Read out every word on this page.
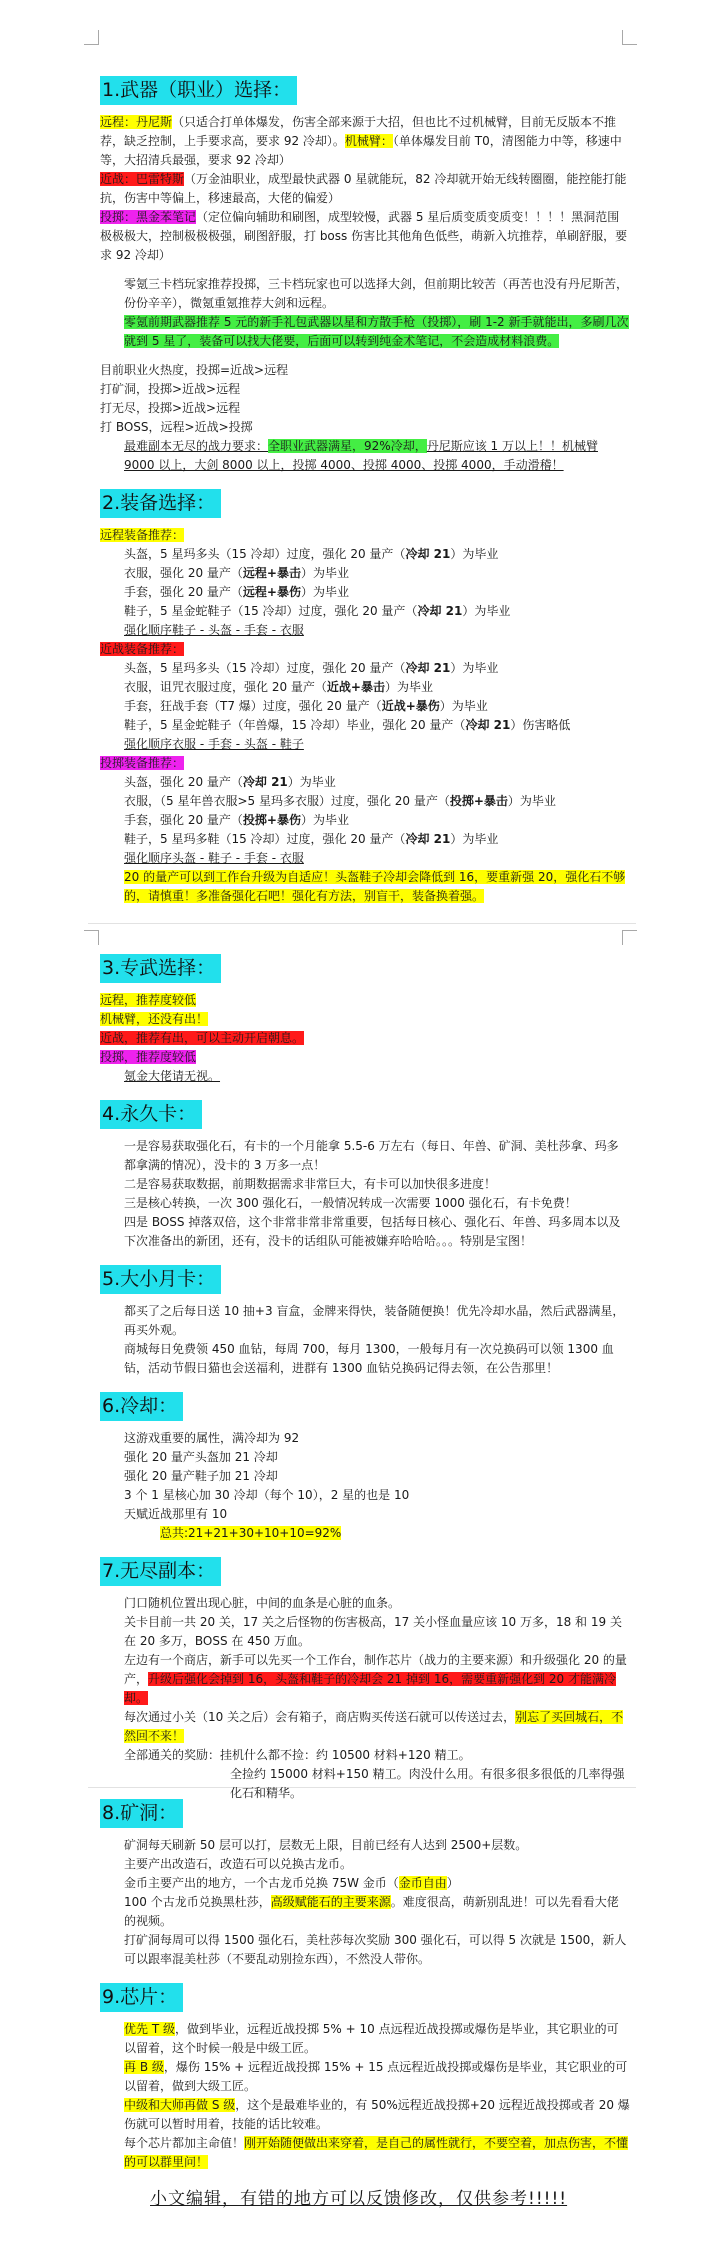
1.武器（职业）选择：

远程：丹尼斯（只适合打单体爆发，伤害全部来源于大招，但也比不过机械臂，目前无反版本不推荐，缺乏控制，上手要求高，要求 92 冷却）。机械臂：（单体爆发目前 T0，清图能力中等，移速中等，大招清兵最强，要求 92 冷却）

近战：巴雷特斯（万金油职业，成型最快武器 0 星就能玩，82 冷却就开始无线转圈圈，能控能打能抗，伤害中等偏上，移速最高，大佬的偏爱）

投掷：黑金苯笔记（定位偏向辅助和刷图，成型较慢，武器 5 星后质变质变质变！！！！黑洞范围极极极大，控制极极极强，刷图舒服，打 boss 伤害比其他角色低些，萌新入坑推荐，单刷舒服，要求 92 冷却）

零氪三卡档玩家推荐投掷，三卡档玩家也可以选择大剑，但前期比较苦（再苦也没有丹尼斯苦，份份辛辛），微氪重氪推荐大剑和远程。

零氪前期武器推荐 5 元的新手礼包武器以星和方散手枪（投掷），刷 1-2 新手就能出，多刷几次就到 5 星了，装备可以找大佬要，后面可以转到纯金术笔记，不会造成材料浪费。

目前职业火热度，投掷=近战>远程

打矿洞，投掷>近战>远程

打无尽，投掷>近战>远程

打 BOSS，远程>近战>投掷

最难副本无尽的战力要求：全职业武器满星，92%冷却，丹尼斯应该 1 万以上！！机械臂 9000 以上，大剑 8000 以上，投掷 4000、投掷 4000、投掷 4000，手动滑稽！

2.装备选择：

远程装备推荐：

头盔，5 星玛多头（15 冷却）过度，强化 20 量产（冷却 21）为毕业

衣服，强化 20 量产（远程+暴击）为毕业

手套，强化 20 量产（远程+暴伤）为毕业

鞋子，5 星金蛇鞋子（15 冷却）过度，强化 20 量产（冷却 21）为毕业

强化顺序鞋子 - 头盔 - 手套 - 衣服

近战装备推荐：

头盔，5 星玛多头（15 冷却）过度，强化 20 量产（冷却 21）为毕业

衣服，诅咒衣服过度，强化 20 量产（近战+暴击）为毕业

手套，狂战手套（T7 爆）过度，强化 20 量产（近战+暴伤）为毕业

鞋子，5 星金蛇鞋子（年兽爆，15 冷却）毕业，强化 20 量产（冷却 21）伤害略低

强化顺序衣服 - 手套 - 头盔 - 鞋子

投掷装备推荐：

头盔，强化 20 量产（冷却 21）为毕业

衣服，（5 星年兽衣服>5 星玛多衣服）过度，强化 20 量产（投掷+暴击）为毕业

手套，强化 20 量产（投掷+暴伤）为毕业

鞋子，5 星玛多鞋（15 冷却）过度，强化 20 量产（冷却 21）为毕业

强化顺序头盔 - 鞋子 - 手套 - 衣服

20 的量产可以到工作台升级为自适应！头盔鞋子冷却会降低到 16，要重新强 20，强化石不够的，请慎重！多准备强化石吧！强化有方法，别盲干，装备换着强。

3.专武选择：

远程，推荐度较低

机械臂，还没有出！

近战，推荐有出，可以主动开启朝息。

投掷，推荐度较低

氪金大佬请无视。

4.永久卡：

一是容易获取强化石，有卡的一个月能拿 5.5-6 万左右（每日、年兽、矿洞、美杜莎拿、玛多都拿满的情况），没卡的 3 万多一点！

二是容易获取数据，前期数据需求非常巨大，有卡可以加快很多进度！

三是核心转换，一次 300 强化石，一般情况转成一次需要 1000 强化石，有卡免费！

四是 BOSS 掉落双倍，这个非常非常非常重要，包括每日核心、强化石、年兽、玛多周本以及下次准备出的新团，还有，没卡的话组队可能被嫌弃哈哈哈。。。特别是宝图！

5.大小月卡：

都买了之后每日送 10 抽+3 盲盒，金牌来得快，装备随便换！优先冷却水晶，然后武器满星，再买外观。

商城每日免费领 450 血钻，每周 700，每月 1300，一般每月有一次兑换码可以领 1300 血钻，活动节假日猫也会送福利，进群有 1300 血钻兑换码记得去领，在公告那里！

6.冷却：

这游戏重要的属性，满冷却为 92

强化 20 量产头盔加 21 冷却

强化 20 量产鞋子加 21 冷却

3 个 1 星核心加 30 冷却（每个 10），2 星的也是 10

天赋近战那里有 10

总共:21+21+30+10+10=92%

7.无尽副本：

门口随机位置出现心脏，中间的血条是心脏的血条。

关卡目前一共 20 关，17 关之后怪物的伤害极高，17 关小怪血量应该 10 万多，18 和 19 关在 20 多万，BOSS 在 450 万血。

左边有一个商店，新手可以先买一个工作台，制作芯片（战力的主要来源）和升级强化 20 的量产，升级后强化会掉到 16，头盔和鞋子的冷却会 21 掉到 16，需要重新强化到 20 才能满冷却。

每次通过小关（10 关之后）会有箱子，商店购买传送石就可以传送过去，别忘了买回城石，不然回不来！

全部通关的奖励：挂机什么都不捡：约 10500 材料+120 精工。

全捡约 15000 材料+150 精工。肉没什么用。有很多很多很低的几率得强化石和精华。

8.矿洞：

矿洞每天刷新 50 层可以打，层数无上限，目前已经有人达到 2500+层数。

主要产出改造石，改造石可以兑换古龙币。

金币主要产出的地方，一个古龙币兑换 75W 金币（金币自由）

100 个古龙币兑换黑杜莎，高级赋能石的主要来源。难度很高，萌新别乱进！可以先看看大佬的视频。

打矿洞每周可以得 1500 强化石，美杜莎每次奖励 300 强化石，可以得 5 次就是 1500，新人可以跟率混美杜莎（不要乱动别捡东西），不然没人带你。

9.芯片：

优先 T 级，做到毕业，远程近战投掷 5% + 10 点远程近战投掷或爆伤是毕业，其它职业的可以留着，这个时候一般是中级工匠。

再 B 级，爆伤 15% + 远程近战投掷 15% + 15 点远程近战投掷或爆伤是毕业，其它职业的可以留着，做到大级工匠。

中级和大师再做 S 级，这个是最难毕业的，有 50%远程近战投掷+20 远程近战投掷或者 20 爆伤就可以暂时用着，技能的话比较难。

每个芯片都加主命值！刚开始随便做出来穿着，是自己的属性就行，不要空着，加点伤害，不懂的可以群里问！

小文编辑，有错的地方可以反馈修改，仅供参考!!!!!
